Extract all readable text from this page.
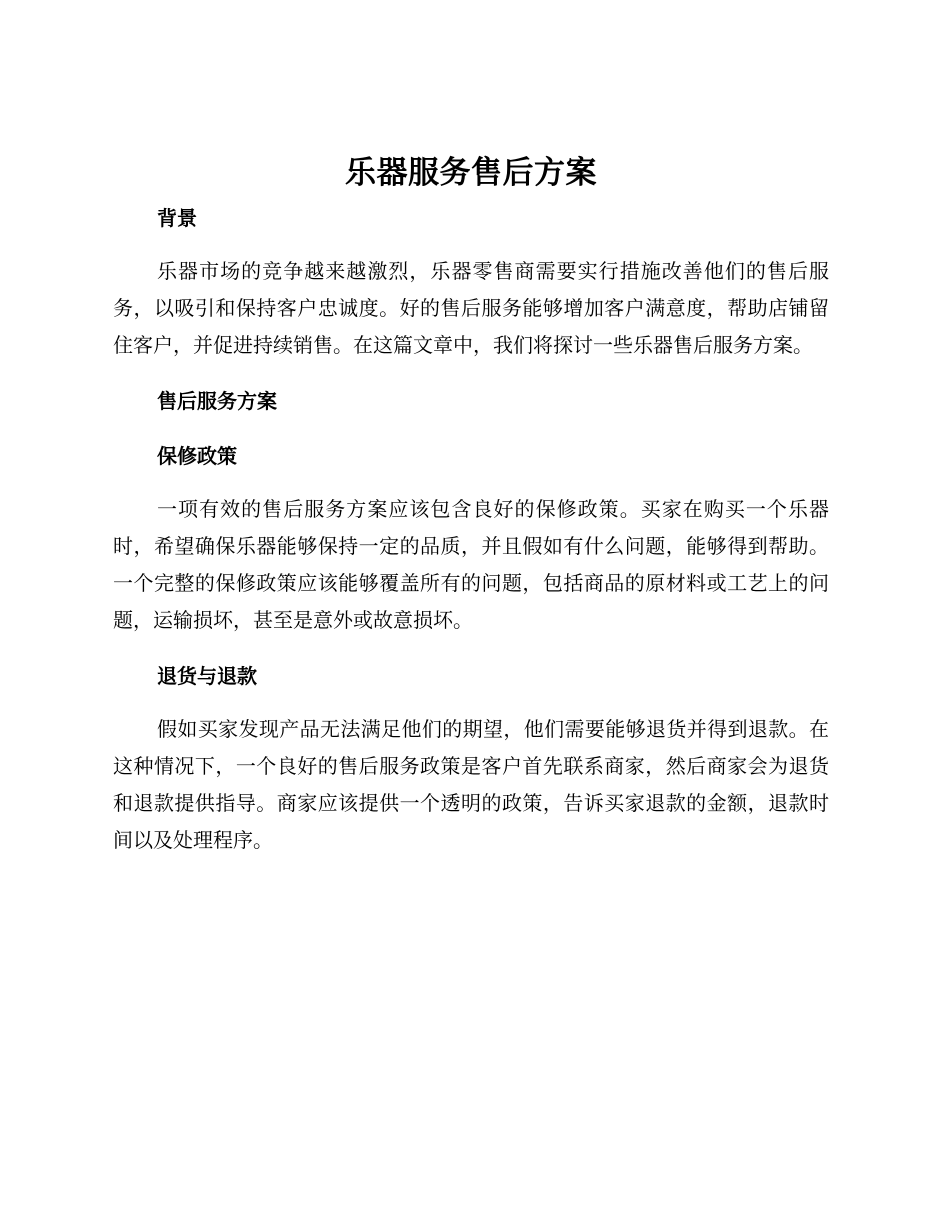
乐器服务售后方案
背景

乐器市场的竞争越来越激烈，乐器零售商需要实行措施改善他们的售后服务，以吸引和保持客户忠诚度。好的售后服务能够增加客户满意度，帮助店铺留住客户，并促进持续销售。在这篇文章中，我们将探讨一些乐器售后服务方案。

售后服务方案
保修政策

一项有效的售后服务方案应该包含良好的保修政策。买家在购买一个乐器时，希望确保乐器能够保持一定的品质，并且假如有什么问题，能够得到帮助。一个完整的保修政策应该能够覆盖所有的问题，包括商品的原材料或工艺上的问题，运输损坏，甚至是意外或故意损坏。

退货与退款

假如买家发现产品无法满足他们的期望，他们需要能够退货并得到退款。在这种情况下，一个良好的售后服务政策是客户首先联系商家，然后商家会为退货和退款提供指导。商家应该提供一个透明的政策，告诉买家退款的金额，退款时间以及处理程序。
